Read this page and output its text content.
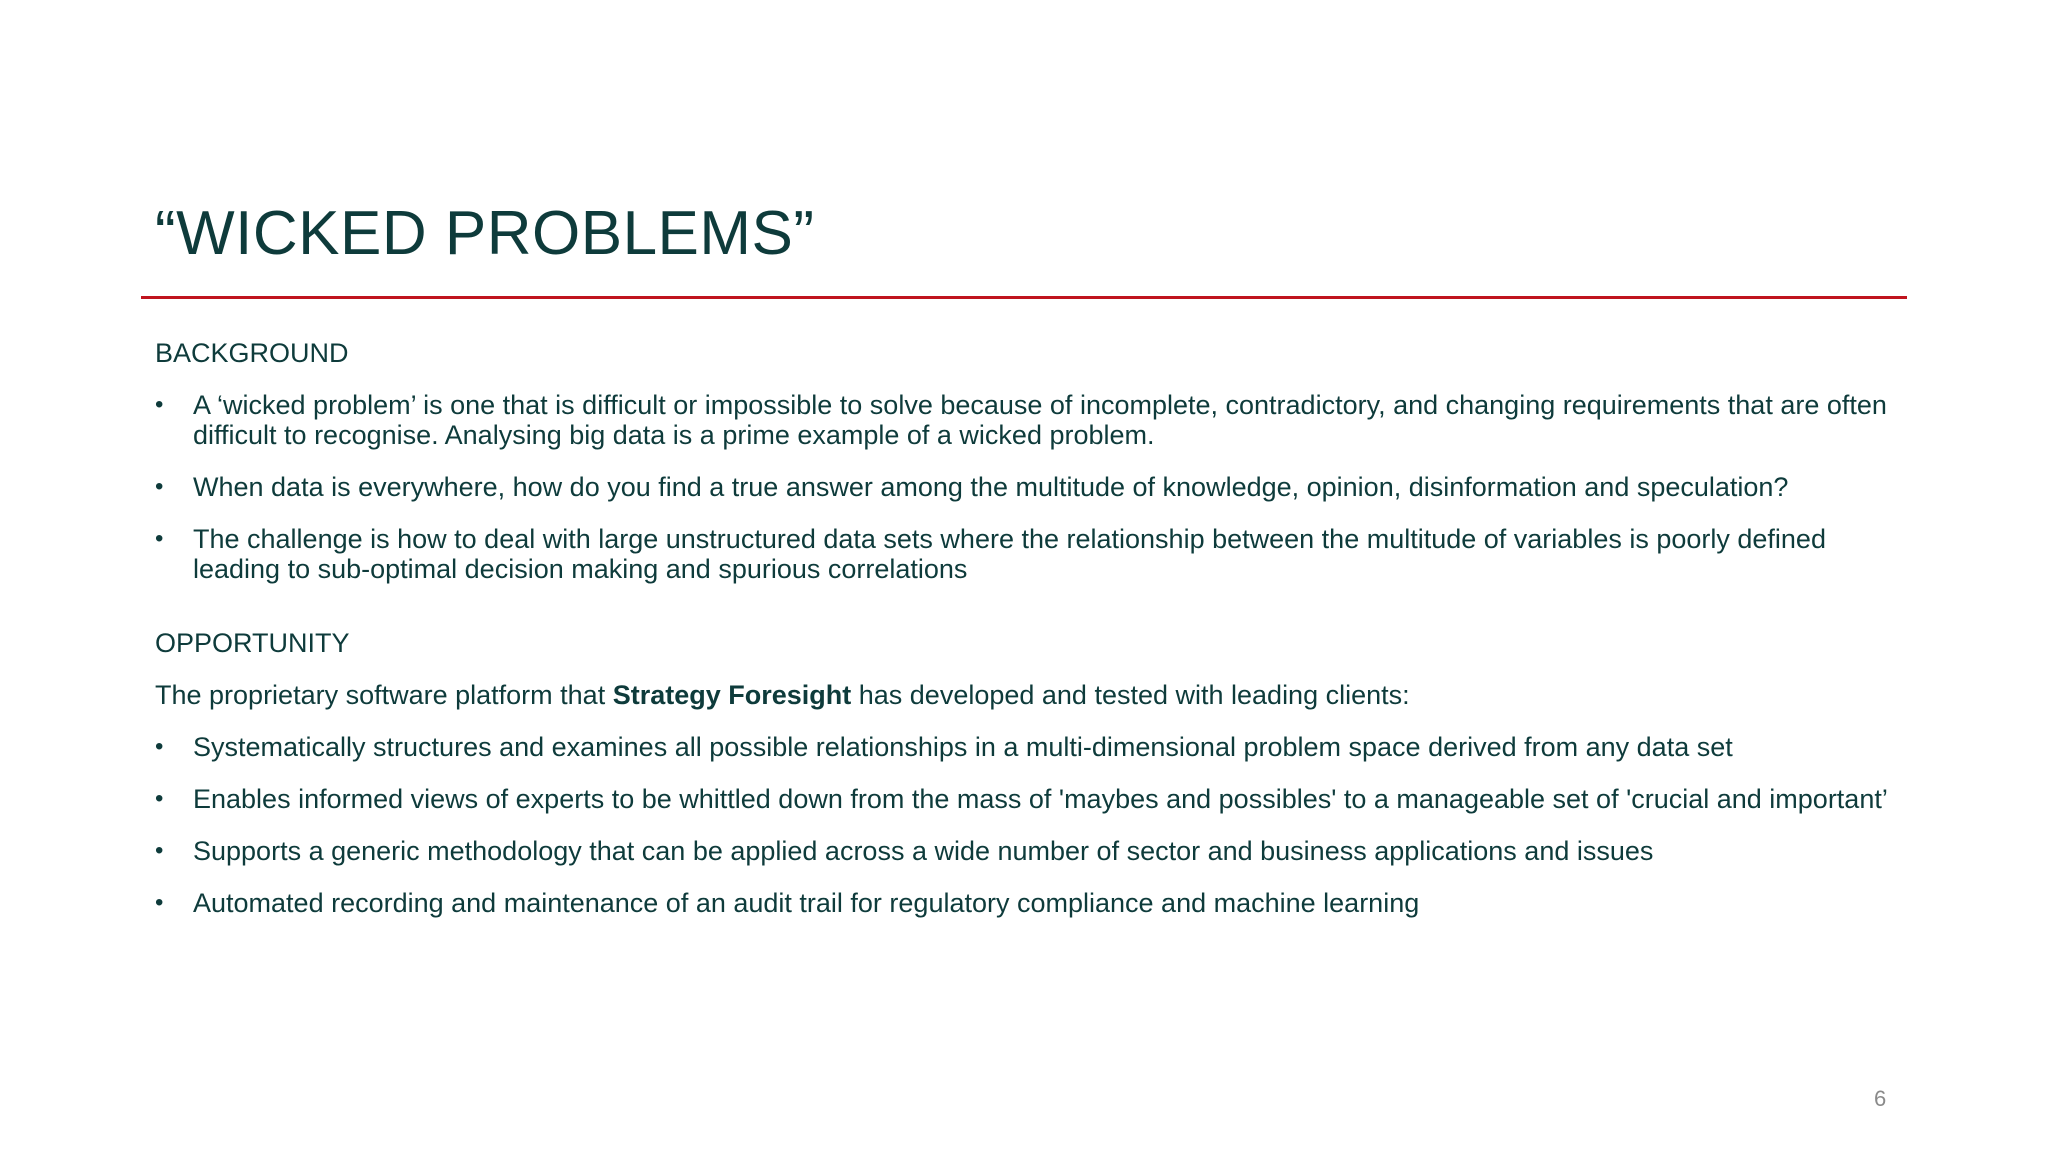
“WICKED PROBLEMS”
BACKGROUND
• A ‘wicked problem’ is one that is difficult or impossible to solve because of incomplete, contradictory, and changing requirements that are often difficult to recognise. Analysing big data is a prime example of a wicked problem.
• When data is everywhere, how do you find a true answer among the multitude of knowledge, opinion, disinformation and speculation?
• The challenge is how to deal with large unstructured data sets where the relationship between the multitude of variables is poorly defined leading to sub-optimal decision making and spurious correlations
OPPORTUNITY
The proprietary software platform that Strategy Foresight has developed and tested with leading clients:
• Systematically structures and examines all possible relationships in a multi-dimensional problem space derived from any data set
• Enables informed views of experts to be whittled down from the mass of 'maybes and possibles' to a manageable set of 'crucial and important’
• Supports a generic methodology that can be applied across a wide number of sector and business applications and issues
• Automated recording and maintenance of an audit trail for regulatory compliance and machine learning
6
